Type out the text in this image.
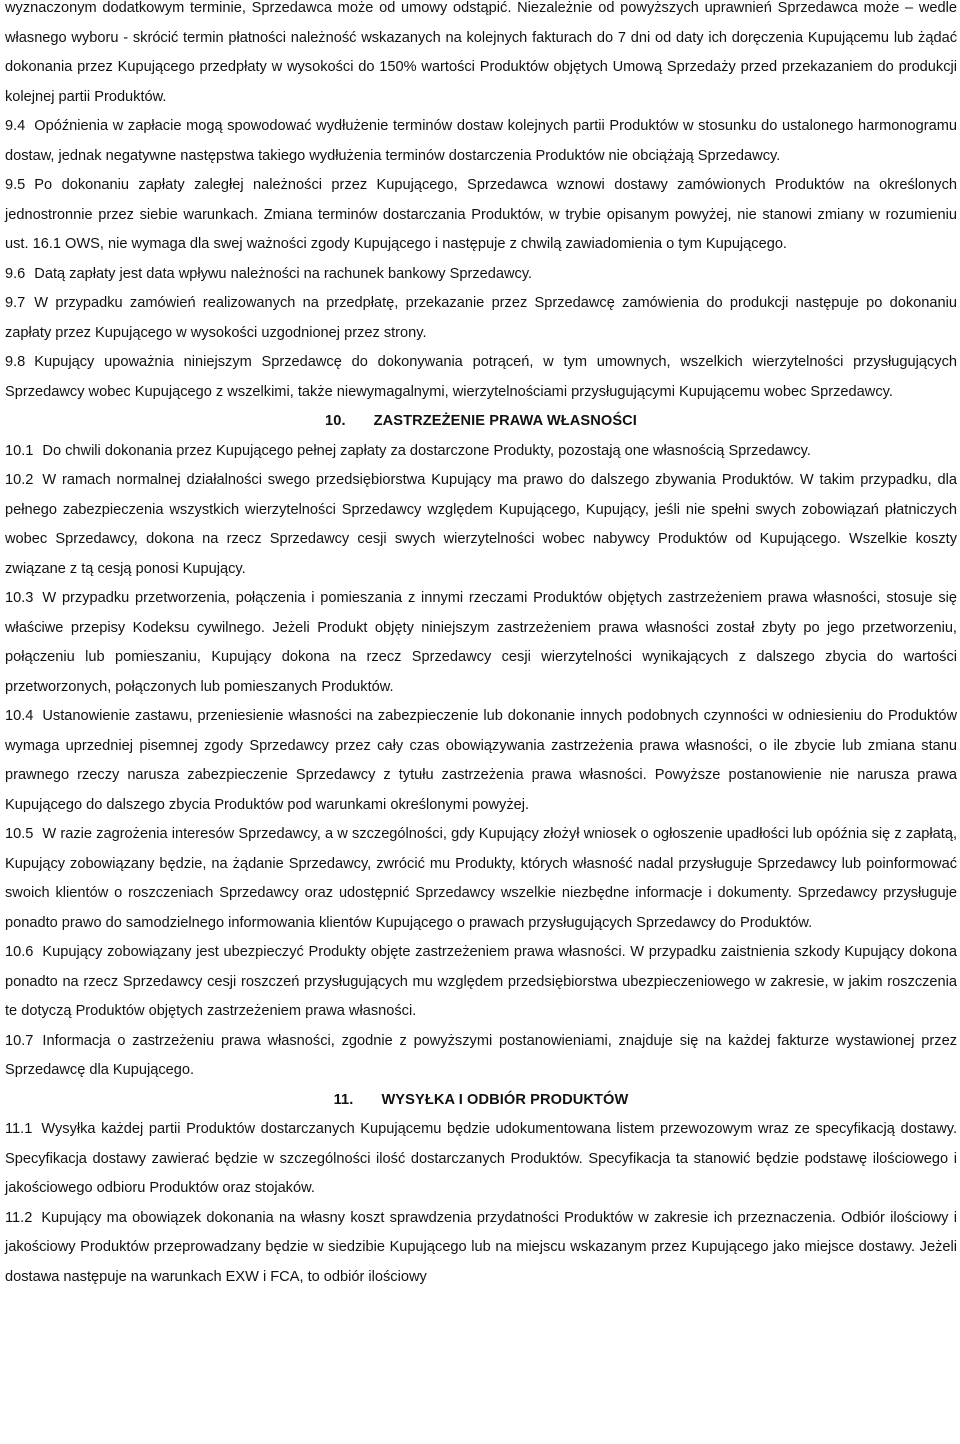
wyznaczonym dodatkowym terminie, Sprzedawca może od umowy odstąpić. Niezależnie od powyższych uprawnień Sprzedawca może – wedle własnego wyboru - skrócić termin płatności należność wskazanych na kolejnych fakturach do 7 dni od daty ich doręczenia Kupującemu lub żądać dokonania przez Kupującego przedpłaty w wysokości do 150% wartości Produktów objętych Umową Sprzedaży przed przekazaniem do produkcji kolejnej partii Produktów.

9.4 Opóźnienia w zapłacie mogą spowodować wydłużenie terminów dostaw kolejnych partii Produktów w stosunku do ustalonego harmonogramu dostaw, jednak negatywne następstwa takiego wydłużenia terminów dostarczenia Produktów nie obciążają Sprzedawcy.

9.5 Po dokonaniu zapłaty zaległej należności przez Kupującego, Sprzedawca wznowi dostawy zamówionych Produktów na określonych jednostronnie przez siebie warunkach. Zmiana terminów dostarczania Produktów, w trybie opisanym powyżej, nie stanowi zmiany w rozumieniu ust. 16.1 OWS, nie wymaga dla swej ważności zgody Kupującego i następuje z chwilą zawiadomienia o tym Kupującego.

9.6 Datą zapłaty jest data wpływu należności na rachunek bankowy Sprzedawcy.

9.7 W przypadku zamówień realizowanych na przedpłatę, przekazanie przez Sprzedawcę zamówienia do produkcji następuje po dokonaniu zapłaty przez Kupującego w wysokości uzgodnionej przez strony.

9.8 Kupujący upoważnia niniejszym Sprzedawcę do dokonywania potrąceń, w tym umownych, wszelkich wierzytelności przysługujących Sprzedawcy wobec Kupującego z wszelkimi, także niewymagalnymi, wierzytelnościami przysługującymi Kupującemu wobec Sprzedawcy.

10. ZASTRZEŻENIE PRAWA WŁASNOŚCI

10.1 Do chwili dokonania przez Kupującego pełnej zapłaty za dostarczone Produkty, pozostają one własnością Sprzedawcy.

10.2 W ramach normalnej działalności swego przedsiębiorstwa Kupujący ma prawo do dalszego zbywania Produktów. W takim przypadku, dla pełnego zabezpieczenia wszystkich wierzytelności Sprzedawcy względem Kupującego, Kupujący, jeśli nie spełni swych zobowiązań płatniczych wobec Sprzedawcy, dokona na rzecz Sprzedawcy cesji swych wierzytelności wobec nabywcy Produktów od Kupującego. Wszelkie koszty związane z tą cesją ponosi Kupujący.

10.3 W przypadku przetworzenia, połączenia i pomieszania z innymi rzeczami Produktów objętych zastrzeżeniem prawa własności, stosuje się właściwe przepisy Kodeksu cywilnego. Jeżeli Produkt objęty niniejszym zastrzeżeniem prawa własności został zbyty po jego przetworzeniu, połączeniu lub pomieszaniu, Kupujący dokona na rzecz Sprzedawcy cesji wierzytelności wynikających z dalszego zbycia do wartości przetworzonych, połączonych lub pomieszanych Produktów.

10.4 Ustanowienie zastawu, przeniesienie własności na zabezpieczenie lub dokonanie innych podobnych czynności w odniesieniu do Produktów wymaga uprzedniej pisemnej zgody Sprzedawcy przez cały czas obowiązywania zastrzeżenia prawa własności, o ile zbycie lub zmiana stanu prawnego rzeczy narusza zabezpieczenie Sprzedawcy z tytułu zastrzeżenia prawa własności. Powyższe postanowienie nie narusza prawa Kupującego do dalszego zbycia Produktów pod warunkami określonymi powyżej.

10.5 W razie zagrożenia interesów Sprzedawcy, a w szczególności, gdy Kupujący złożył wniosek o ogłoszenie upadłości lub opóźnia się z zapłatą, Kupujący zobowiązany będzie, na żądanie Sprzedawcy, zwrócić mu Produkty, których własność nadal przysługuje Sprzedawcy lub poinformować swoich klientów o roszczeniach Sprzedawcy oraz udostępnić Sprzedawcy wszelkie niezbędne informacje i dokumenty. Sprzedawcy przysługuje ponadto prawo do samodzielnego informowania klientów Kupującego o prawach przysługujących Sprzedawcy do Produktów.

10.6 Kupujący zobowiązany jest ubezpieczyć Produkty objęte zastrzeżeniem prawa własności. W przypadku zaistnienia szkody Kupujący dokona ponadto na rzecz Sprzedawcy cesji roszczeń przysługujących mu względem przedsiębiorstwa ubezpieczeniowego w zakresie, w jakim roszczenia te dotyczą Produktów objętych zastrzeżeniem prawa własności.

10.7 Informacja o zastrzeżeniu prawa własności, zgodnie z powyższymi postanowieniami, znajduje się na każdej fakturze wystawionej przez Sprzedawcę dla Kupującego.

11. WYSYŁKA I ODBIÓR PRODUKTÓW

11.1 Wysyłka każdej partii Produktów dostarczanych Kupującemu będzie udokumentowana listem przewozowym wraz ze specyfikacją dostawy. Specyfikacja dostawy zawierać będzie w szczególności ilość dostarczanych Produktów. Specyfikacja ta stanowić będzie podstawę ilościowego i jakościowego odbioru Produktów oraz stojaków.

11.2 Kupujący ma obowiązek dokonania na własny koszt sprawdzenia przydatności Produktów w zakresie ich przeznaczenia. Odbiór ilościowy i jakościowy Produktów przeprowadzany będzie w siedzibie Kupującego lub na miejscu wskazanym przez Kupującego jako miejsce dostawy. Jeżeli dostawa następuje na warunkach EXW i FCA, to odbiór ilościowy
